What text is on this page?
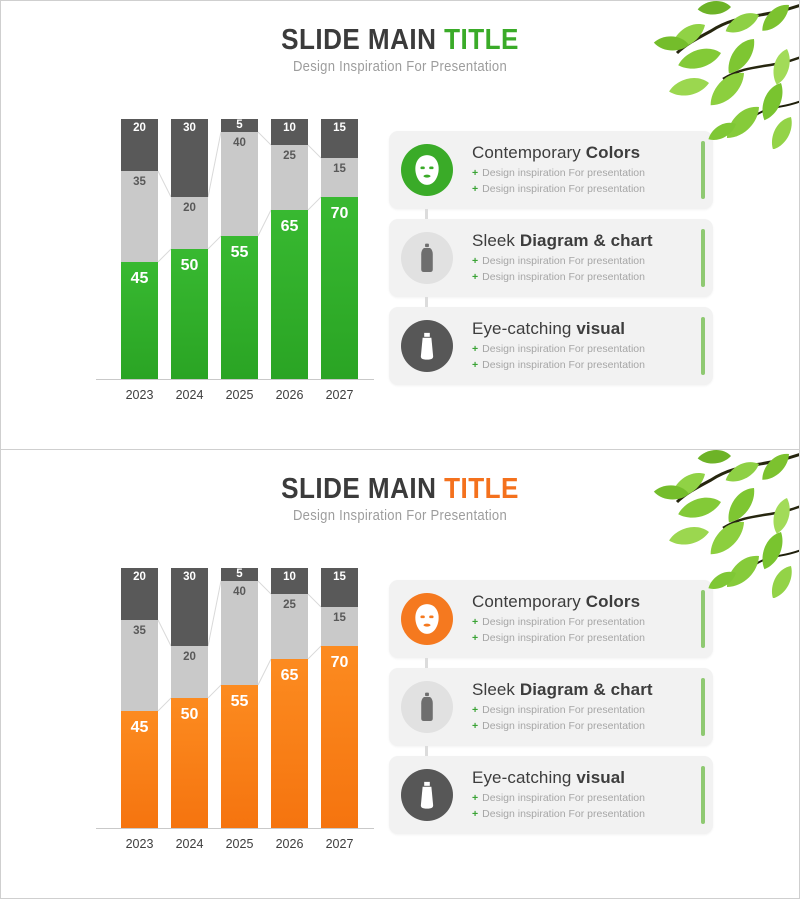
SLIDE MAIN TITLE

Design Inspiration For Presentation

45
35
20
2023
50
20
30
2024
55
40
5
2025
65
25
10
2026
70
15
15
2027
Contemporary Colors
+ Design inspiration For presentation
+ Design inspiration For presentation
Sleek Diagram & chart
+ Design inspiration For presentation
+ Design inspiration For presentation
Eye-catching visual
+ Design inspiration For presentation
+ Design inspiration For presentation
SLIDE MAIN TITLE

Design Inspiration For Presentation

45
35
20
2023
50
20
30
2024
55
40
5
2025
65
25
10
2026
70
15
15
2027
Contemporary Colors
+ Design inspiration For presentation
+ Design inspiration For presentation
Sleek Diagram & chart
+ Design inspiration For presentation
+ Design inspiration For presentation
Eye-catching visual
+ Design inspiration For presentation
+ Design inspiration For presentation
